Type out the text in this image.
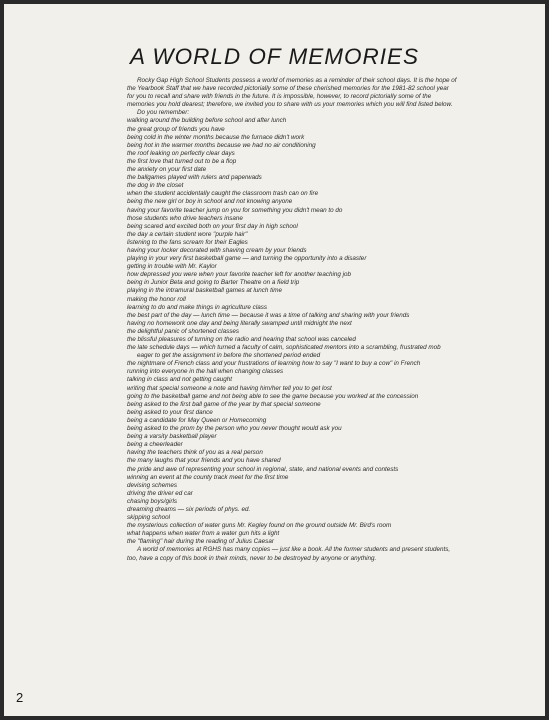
A WORLD OF MEMORIES

Rocky Gap High School Students possess a world of memories as a reminder of their school days. It is the hope of the Yearbook Staff that we have recorded pictorially some of these cherished memories for the 1981-82 school year for you to recall and share with friends in the future. It is impossible, however, to record pictorially some of the memories you hold dearest; therefore, we invited you to share with us your memories which you will find listed below.

Do you remember:

walking around the building before school and after lunch

the great group of friends you have

being cold in the winter months because the furnace didn't work

being hot in the warmer months because we had no air conditioning

the roof leaking on perfectly clear days

the first love that turned out to be a flop

the anxiety on your first date

the ballgames played with rulers and paperwads

the dog in the closet

when the student accidentally caught the classroom trash can on fire

being the new girl or boy in school and not knowing anyone

having your favorite teacher jump on you for something you didn't mean to do

those students who drive teachers insane

being scared and excited both on your first day in high school

the day a certain student wore "purple hair"

listening to the fans scream for their Eagles

having your locker decorated with shaving cream by your friends

playing in your very first basketball game — and turning the opportunity into a disaster

getting in trouble with Mr. Kaylor

how depressed you were when your favorite teacher left for another teaching job

being in Junior Beta and going to Barter Theatre on a field trip

playing in the intramural basketball games at lunch time

making the honor roll

learning to do and make things in agriculture class

the best part of the day — lunch time — because it was a time of talking and sharing with your friends

having no homework one day and being literally swamped until midnight the next

the delightful panic of shortened classes

the blissful pleasures of turning on the radio and hearing that school was canceled

the late schedule days — which turned a faculty of calm, sophisticated mentors into a scrambling, frustrated mob eager to get the assignment in before the shortened period ended

the nightmare of French class and your frustrations of learning how to say "I want to buy a cow" in French

running into everyone in the hall when changing classes

talking in class and not getting caught

writing that special someone a note and having him/her tell you to get lost

going to the basketball game and not being able to see the game because you worked at the concession

being asked to the first ball game of the year by that special someone

being asked to your first dance

being a candidate for May Queen or Homecoming

being asked to the prom by the person who you never thought would ask you

being a varsity basketball player

being a cheerleader

having the teachers think of you as a real person

the many laughs that your friends and you have shared

the pride and awe of representing your school in regional, state, and national events and contests

winning an event at the county track meet for the first time

devising schemes

driving the driver ed car

chasing boys/girls

dreaming dreams — six periods of phys. ed.

skipping school

the mysterious collection of water guns Mr. Kegley found on the ground outside Mr. Bird's room

what happens when water from a water gun hits a light

the "flaming" hair during the reading of Julius Caesar

A world of memories at RGHS has many copies — just like a book. All the former students and present students, too, have a copy of this book in their minds, never to be destroyed by anyone or anything.

2
